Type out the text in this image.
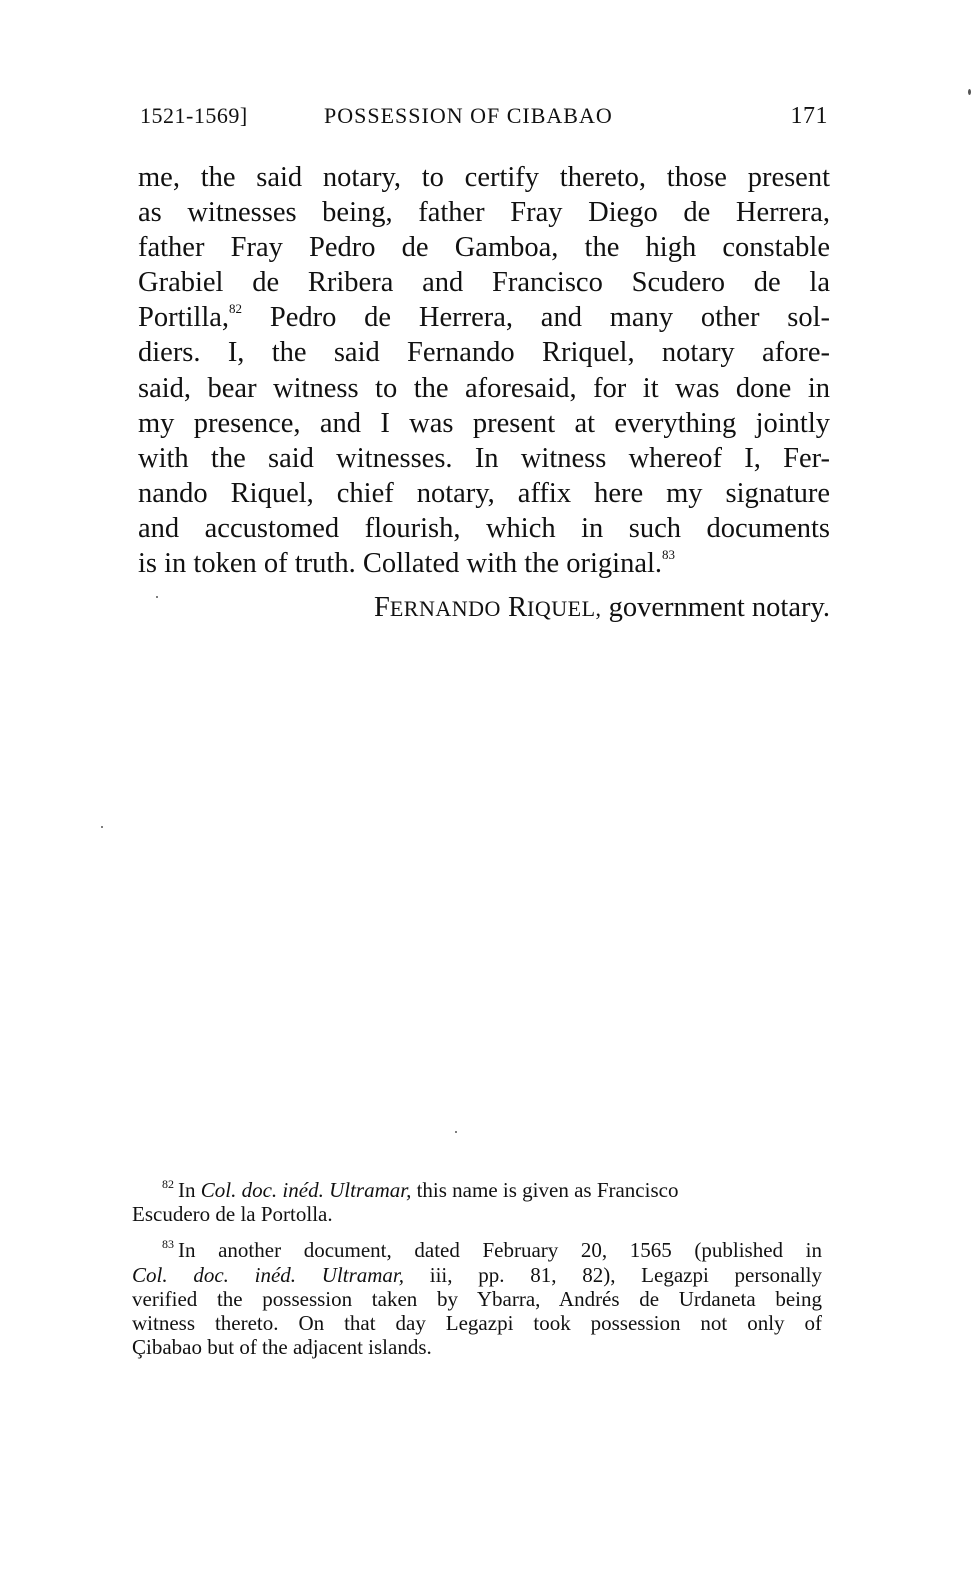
1521-1569]	POSSESSION OF CIBABAO	171
me, the said notary, to certify thereto, those present
as witnesses being, father Fray Diego de Herrera,
father Fray Pedro de Gamboa, the high constable
Grabiel de Rribera and Francisco Scudero de la
Portilla,$^{82}$ Pedro de Herrera, and many other sol-
diers. I, the said Fernando Rriquel, notary afore-
said, bear witness to the aforesaid, for it was done in
my presence, and I was present at everything jointly
with the said witnesses. In witness whereof I, Fer-
nando Riquel, chief notary, affix here my signature
and accustomed flourish, which in such documents
is in token of truth. Collated with the original.$^{83}$
FERNANDO RIQUEL, government notary.
$^{82}$ In Col. doc. inéd. Ultramar, this name is given as Francisco
Escudero de la Portolla.
$^{83}$ In another document, dated February 20, 1565 (published in
Col. doc. inéd. Ultramar, iii, pp. 81, 82), Legazpi personally
verified the possession taken by Ybarra, Andrés de Urdaneta being
witness thereto. On that day Legazpi took possession not only of
Çibabao but of the adjacent islands.
